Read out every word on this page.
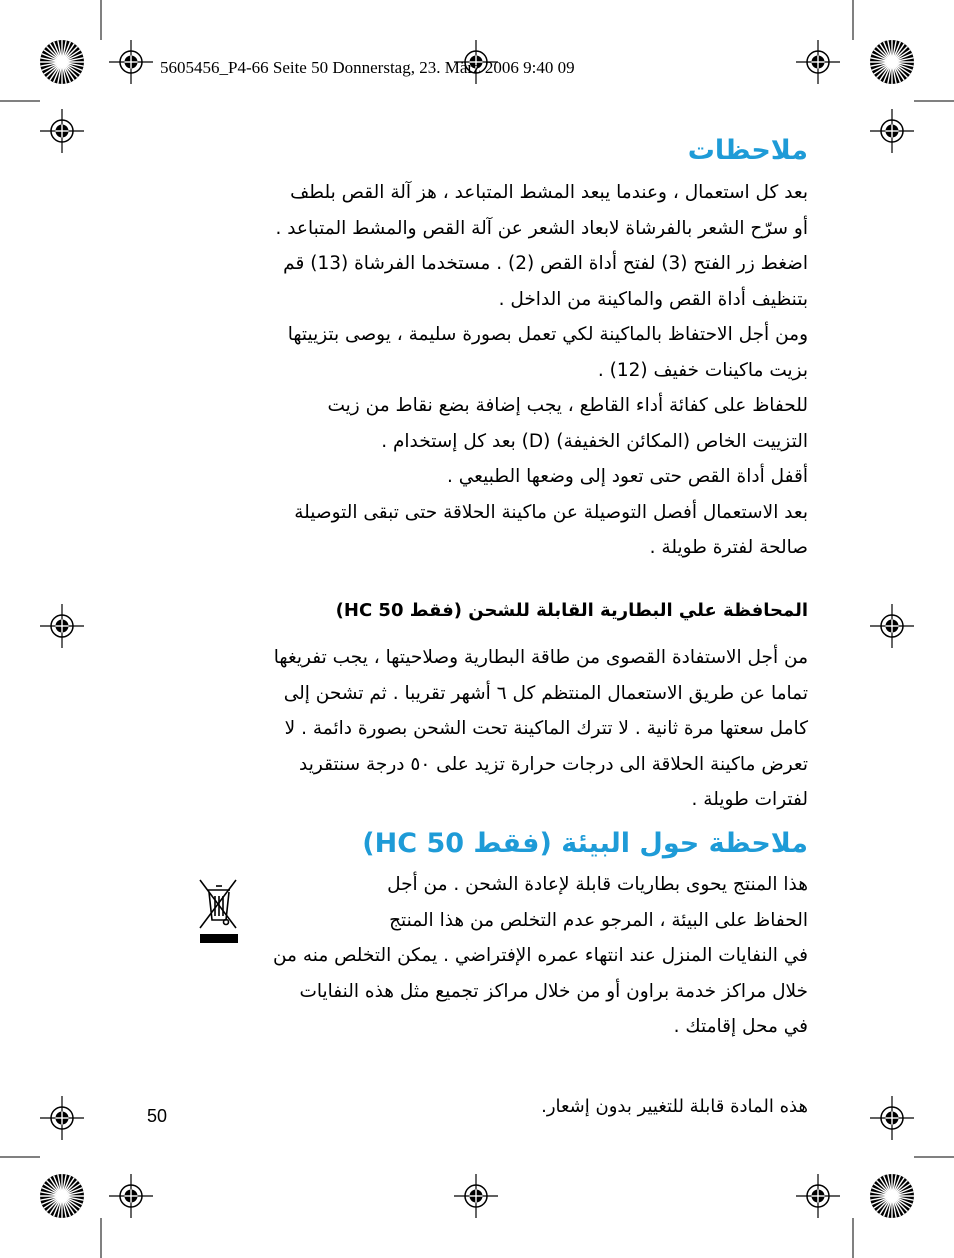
5605456_P4-66 Seite 50 Donnerstag, 23. März 2006 9:40 09
ملاحظات

بعد كل استعمال ، وعندما يبعد المشط المتباعد ، هز آلة القص بلطف

أو سرّح الشعر بالفرشاة لابعاد الشعر عن آلة القص والمشط المتباعد .

اضغط زر الفتح (3) لفتح أداة القص (2) . مستخدما الفرشاة (13) قم

بتنظيف أداة القص والماكينة من الداخل .

ومن أجل الاحتفاظ بالماكينة لكي تعمل بصورة سليمة ، يوصى بتزييتها

بزيت ماكينات خفيف (12) .

للحفاظ على كفائة أداء القاطع ، يجب إضافة بضع نقاط من زيت

التزييت الخاص (المكائن الخفيفة) (D) بعد كل إستخدام .

أقفل أداة القص حتى تعود إلى وضعها الطبيعي .

بعد الاستعمال أفصل التوصيلة عن ماكينة الحلاقة حتى تبقى التوصيلة

صالحة لفترة طويلة .

المحافظة علي البطارية القابلة للشحن (فقط HC 50)

من أجل الاستفادة القصوى من طاقة البطارية وصلاحيتها ، يجب تفريغها

تماما عن طريق الاستعمال المنتظم كل ٦ أشهر تقريبا . ثم تشحن إلى

كامل سعتها مرة ثانية . لا تترك الماكينة تحت الشحن بصورة دائمة . لا

تعرض ماكينة الحلاقة الى درجات حرارة تزيد على ٥٠ درجة سنتقريد

لفترات طويلة .

ملاحظة حول البيئة (فقط HC 50)

هذا المنتج يحوى بطاريات قابلة لإعادة الشحن . من أجل

الحفاظ على البيئة ، المرجو عدم التخلص من هذا المنتج

في النفايات المنزل عند انتهاء عمره الإفتراضي . يمكن التخلص منه من

خلال مراكز خدمة براون أو من خلال مراكز تجميع مثل هذه النفايات

في محل إقامتك .

هذه المادة قابلة للتغيير بدون إشعار.
50
